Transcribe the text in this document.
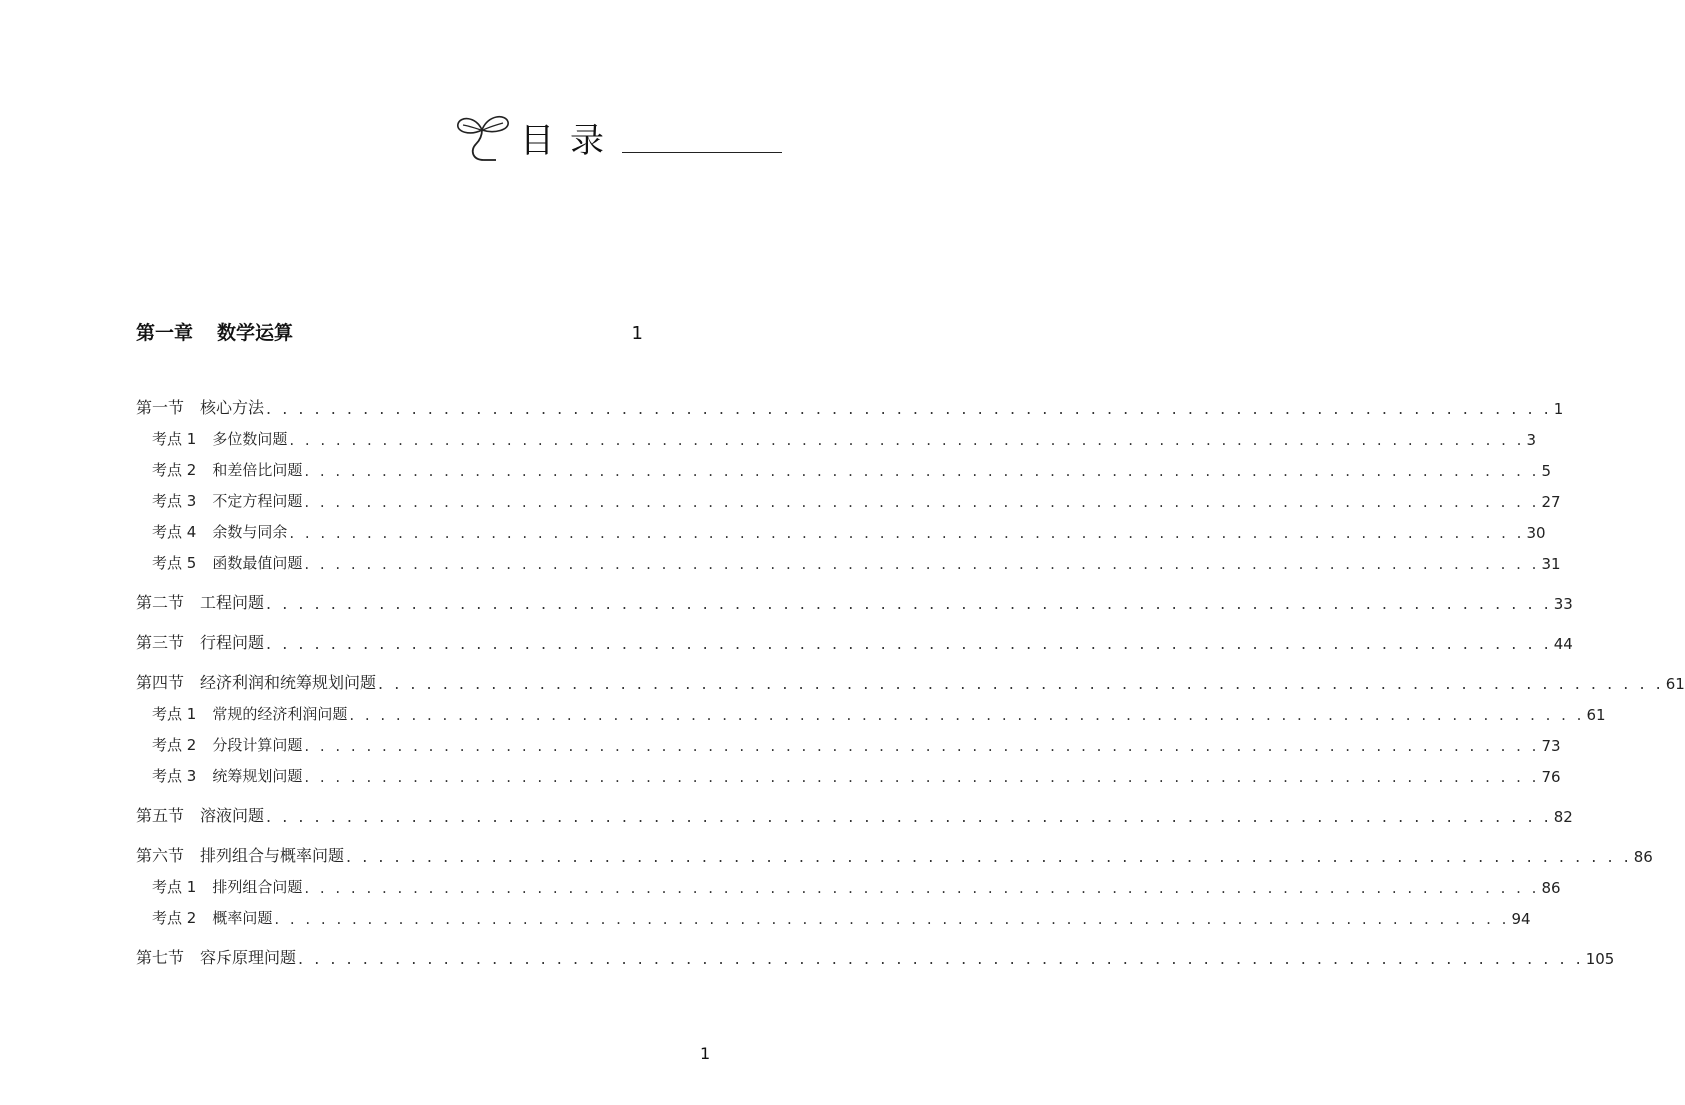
目录
第一章 数学运算	1
第一节 核心方法 . . . . . . . . . . . . . . . . . . . . . . . . . . . . . . . . . . . . . . . . . . . . . . . . . . . . . . . . . . . . . . . . . . . . . . . . . . . . . . . . 1
考点 1 多位数问题 . . . . . . . . . . . . . . . . . . . . . . . . . . . . . . . . . . . . . . . . . . . . . . . . . . . . . . . . . . . . . . . . . . . . . . . . . . . . . . . . 3
考点 2 和差倍比问题 . . . . . . . . . . . . . . . . . . . . . . . . . . . . . . . . . . . . . . . . . . . . . . . . . . . . . . . . . . . . . . . . . . . . . . . . . . . . . . . . 5
考点 3 不定方程问题 . . . . . . . . . . . . . . . . . . . . . . . . . . . . . . . . . . . . . . . . . . . . . . . . . . . . . . . . . . . . . . . . . . . . . . . . . . . . . . . . 27
考点 4 余数与同余 . . . . . . . . . . . . . . . . . . . . . . . . . . . . . . . . . . . . . . . . . . . . . . . . . . . . . . . . . . . . . . . . . . . . . . . . . . . . . . . . 30
考点 5 函数最值问题 . . . . . . . . . . . . . . . . . . . . . . . . . . . . . . . . . . . . . . . . . . . . . . . . . . . . . . . . . . . . . . . . . . . . . . . . . . . . . . . . 31
第二节 工程问题 . . . . . . . . . . . . . . . . . . . . . . . . . . . . . . . . . . . . . . . . . . . . . . . . . . . . . . . . . . . . . . . . . . . . . . . . . . . . . . . . 33
第三节 行程问题 . . . . . . . . . . . . . . . . . . . . . . . . . . . . . . . . . . . . . . . . . . . . . . . . . . . . . . . . . . . . . . . . . . . . . . . . . . . . . . . . 44
第四节 经济利润和统筹规划问题 . . . . . . . . . . . . . . . . . . . . . . . . . . . . . . . . . . . . . . . . . . . . . . . . . . . . . . . . . . . . . . . . . . . . . . . . . . . . . . . . 61
考点 1 常规的经济利润问题 . . . . . . . . . . . . . . . . . . . . . . . . . . . . . . . . . . . . . . . . . . . . . . . . . . . . . . . . . . . . . . . . . . . . . . . . . . . . . . . . 61
考点 2 分段计算问题 . . . . . . . . . . . . . . . . . . . . . . . . . . . . . . . . . . . . . . . . . . . . . . . . . . . . . . . . . . . . . . . . . . . . . . . . . . . . . . . . 73
考点 3 统筹规划问题 . . . . . . . . . . . . . . . . . . . . . . . . . . . . . . . . . . . . . . . . . . . . . . . . . . . . . . . . . . . . . . . . . . . . . . . . . . . . . . . . 76
第五节 溶液问题 . . . . . . . . . . . . . . . . . . . . . . . . . . . . . . . . . . . . . . . . . . . . . . . . . . . . . . . . . . . . . . . . . . . . . . . . . . . . . . . . 82
第六节 排列组合与概率问题 . . . . . . . . . . . . . . . . . . . . . . . . . . . . . . . . . . . . . . . . . . . . . . . . . . . . . . . . . . . . . . . . . . . . . . . . . . . . . . . . 86
考点 1 排列组合问题 . . . . . . . . . . . . . . . . . . . . . . . . . . . . . . . . . . . . . . . . . . . . . . . . . . . . . . . . . . . . . . . . . . . . . . . . . . . . . . . . 86
考点 2 概率问题 . . . . . . . . . . . . . . . . . . . . . . . . . . . . . . . . . . . . . . . . . . . . . . . . . . . . . . . . . . . . . . . . . . . . . . . . . . . . . . . . 94
第七节 容斥原理问题 . . . . . . . . . . . . . . . . . . . . . . . . . . . . . . . . . . . . . . . . . . . . . . . . . . . . . . . . . . . . . . . . . . . . . . . . . . . . . . . . 105
1
